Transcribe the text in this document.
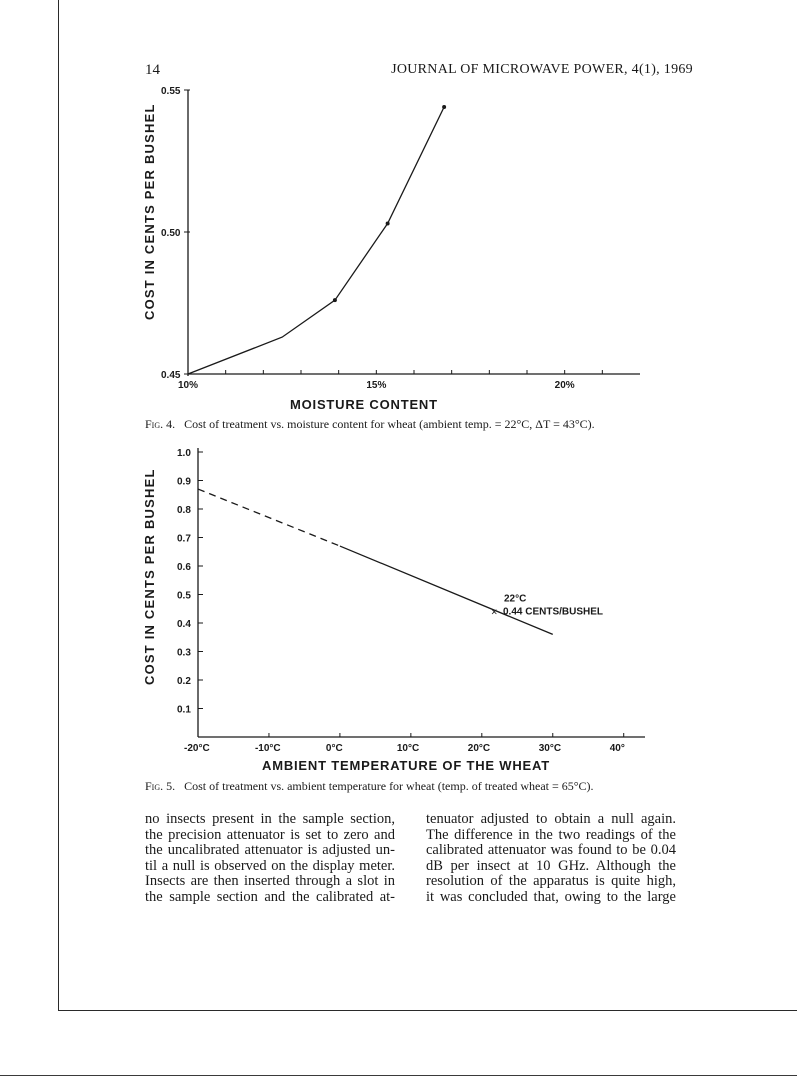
14	JOURNAL OF MICROWAVE POWER, 4(1), 1969
COST IN CENTS PER BUSHEL
10%	15%	20%
0.55
0.50
0.45
MOISTURE CONTENT
Fig. 4. Cost of treatment vs. moisture content for wheat (ambient temp. = 22°C, ΔT = 43°C).
COST IN CENTS PER BUSHEL
-20°C	-10°C	0°C	10°C	20°C	30°C	40°
1.0
0.9
0.8
0.7
0.6
0.5
0.4
0.3
0.2
0.1
×
22°C
0.44 CENTS/BUSHEL
AMBIENT TEMPERATURE OF THE WHEAT
Fig. 5. Cost of treatment vs. ambient temperature for wheat (temp. of treated wheat = 65°C).
no insects present in the sample section,
the precision attenuator is set to zero and
the uncalibrated attenuator is adjusted un-
til a null is observed on the display meter.
Insects are then inserted through a slot in
the sample section and the calibrated at-
tenuator adjusted to obtain a null again.
The difference in the two readings of the
calibrated attenuator was found to be 0.04
dB per insect at 10 GHz. Although the
resolution of the apparatus is quite high,
it was concluded that, owing to the large
